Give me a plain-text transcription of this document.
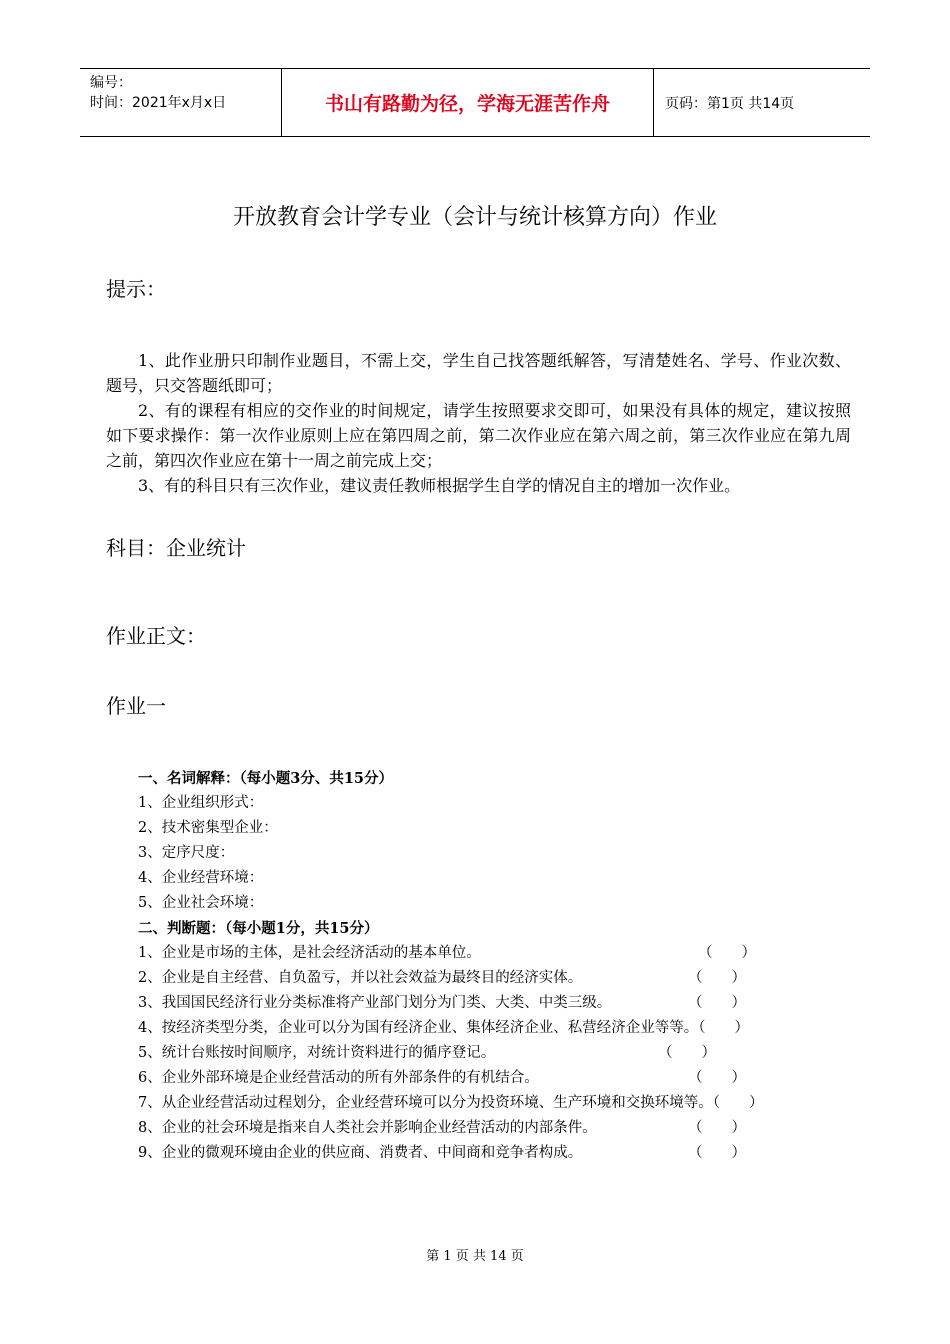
编号：
时间：2021年x月x日	书山有路勤为径，学海无涯苦作舟	页码：第1页 共14页
开放教育会计学专业（会计与统计核算方向）作业
提示：

1、此作业册只印制作业题目，不需上交，学生自己找答题纸解答，写清楚姓名、学号、作业次数、题号，只交答题纸即可；

2、有的课程有相应的交作业的时间规定，请学生按照要求交即可，如果没有具体的规定，建议按照如下要求操作：第一次作业原则上应在第四周之前，第二次作业应在第六周之前，第三次作业应在第九周之前，第四次作业应在第十一周之前完成上交；

3、有的科目只有三次作业，建议责任教师根据学生自学的情况自主的增加一次作业。

科目：企业统计
作业正文：
作业一
一、名词解释：（每小题3分、共15分）
1、企业组织形式：
2、技术密集型企业：
3、定序尺度：
4、企业经营环境：
5、企业社会环境：
二、判断题：（每小题1分，共15分）
1、企业是市场的主体，是社会经济活动的基本单位。	（　　）
2、企业是自主经营、自负盈亏，并以社会效益为最终目的经济实体。	（　　）
3、我国国民经济行业分类标准将产业部门划分为门类、大类、中类三级。	（　　）
4、按经济类型分类，企业可以分为国有经济企业、集体经济企业、私营经济企业等等。（　　）
5、统计台账按时间顺序，对统计资料进行的循序登记。	（　　）
6、企业外部环境是企业经营活动的所有外部条件的有机结合。	（　　）
7、从企业经营活动过程划分，企业经营环境可以分为投资环境、生产环境和交换环境等。（　　）
8、企业的社会环境是指来自人类社会并影响企业经营活动的内部条件。	（　　）
9、企业的微观环境由企业的供应商、消费者、中间商和竞争者构成。	（　　）
第 1 页 共 14 页
